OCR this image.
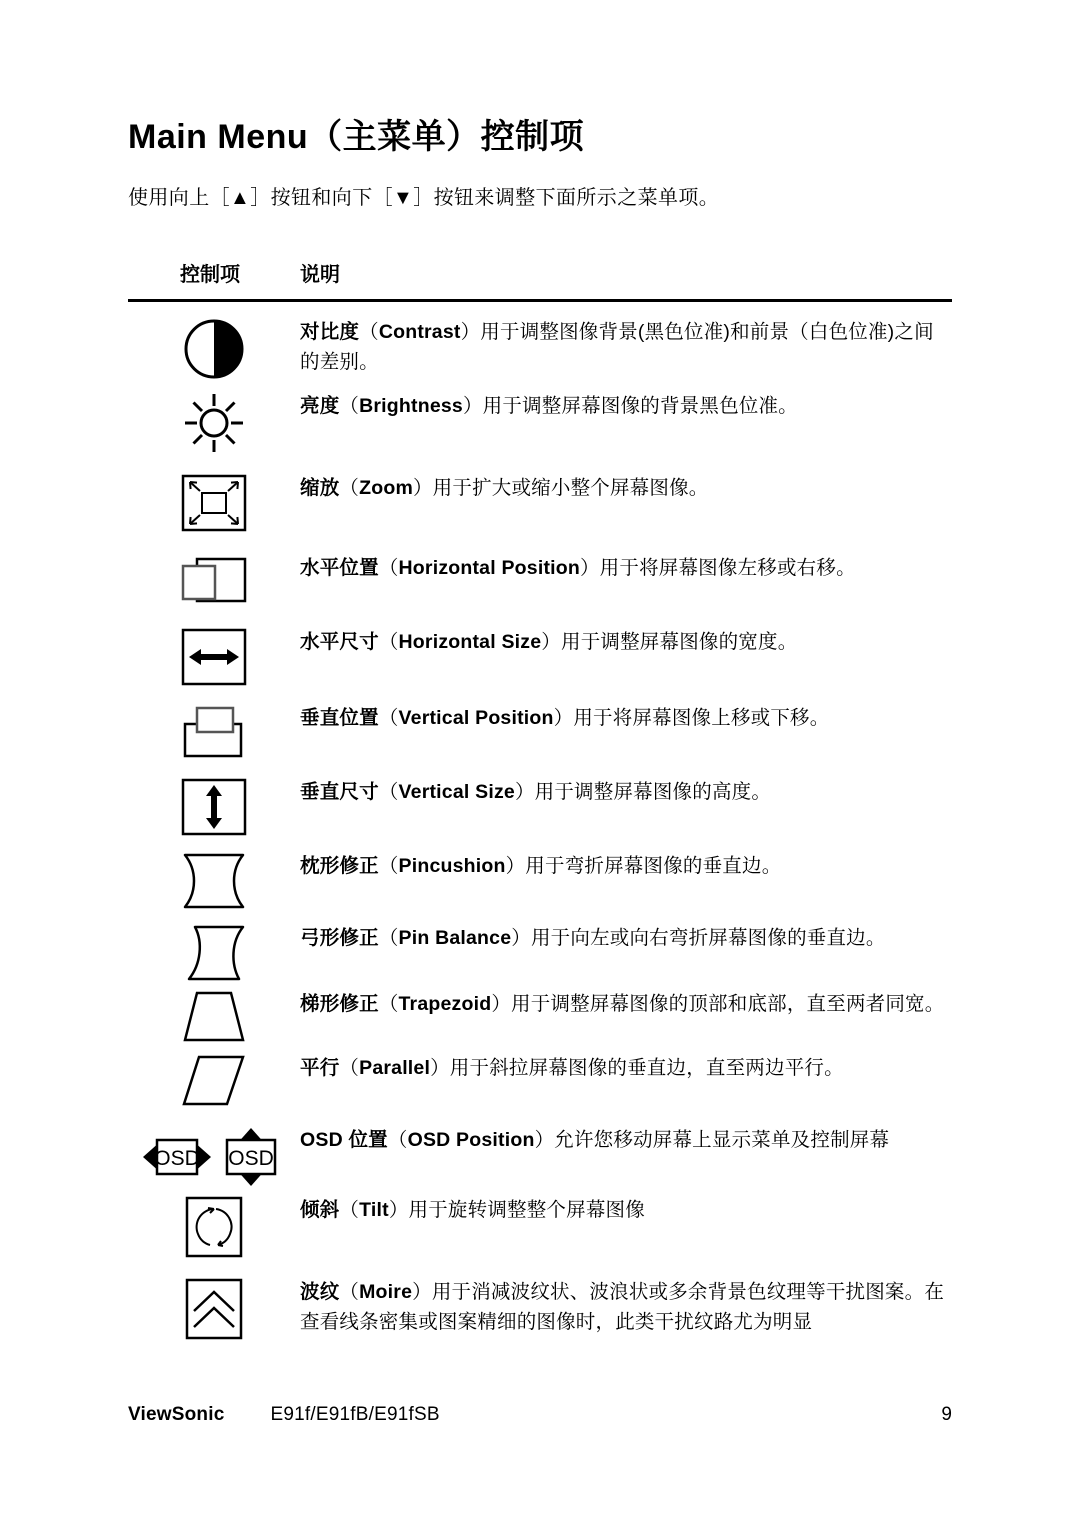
Main Menu（主菜单）控制项

使用向上［▲］按钮和向下［▼］按钮来调整下面所示之菜单项。

控制项	说明
对比度（Contrast）用于调整图像背景(黑色位准)和前景（白色位准)之间的差别。
亮度（Brightness）用于调整屏幕图像的背景黑色位准。
缩放（Zoom）用于扩大或缩小整个屏幕图像。
水平位置（Horizontal Position）用于将屏幕图像左移或右移。
水平尺寸（Horizontal Size）用于调整屏幕图像的宽度。
垂直位置（Vertical Position）用于将屏幕图像上移或下移。
垂直尺寸（Vertical Size）用于调整屏幕图像的高度。
枕形修正（Pincushion）用于弯折屏幕图像的垂直边。
弓形修正（Pin Balance）用于向左或向右弯折屏幕图像的垂直边。
梯形修正（Trapezoid）用于调整屏幕图像的顶部和底部，直至两者同宽。
平行（Parallel）用于斜拉屏幕图像的垂直边，直至两边平行。
OSD OSD
OSD 位置（OSD Position）允许您移动屏幕上显示菜单及控制屏幕
倾斜（Tilt）用于旋转调整整个屏幕图像
波纹（Moire）用于消减波纹状、波浪状或多余背景色纹理等干扰图案。在查看线条密集或图案精细的图像时，此类干扰纹路尤为明显
ViewSonic E91f/E91fB/E91fSB	9
